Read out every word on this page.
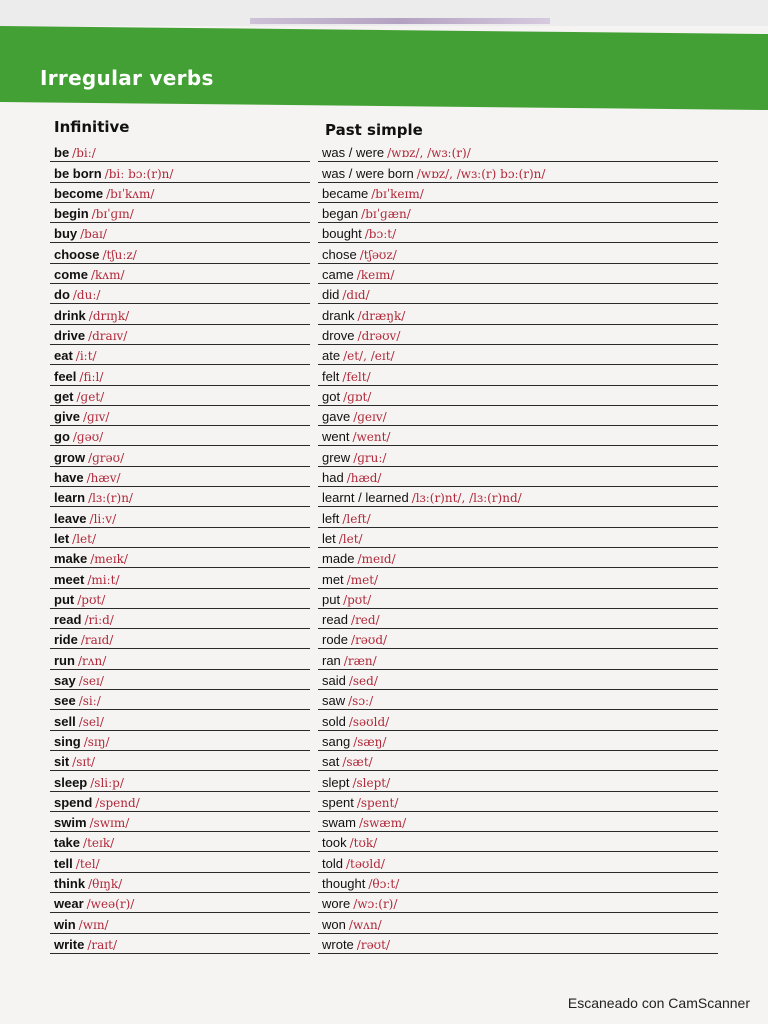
Irregular verbs
Infinitive	Past simple
be /biː/	was / were /wɒz/, /wɜː(r)/
be born /biː bɔː(r)n/	was / were born /wɒz/, /wɜː(r) bɔː(r)n/
become /bɪˈkʌm/	became /bɪˈkeɪm/
begin /bɪˈɡɪn/	began /bɪˈɡæn/
buy /baɪ/	bought /bɔːt/
choose /tʃuːz/	chose /tʃəʊz/
come /kʌm/	came /keɪm/
do /duː/	did /dɪd/
drink /drɪŋk/	drank /dræŋk/
drive /draɪv/	drove /drəʊv/
eat /iːt/	ate /et/, /eɪt/
feel /fiːl/	felt /felt/
get /ɡet/	got /ɡɒt/
give /ɡɪv/	gave /ɡeɪv/
go /ɡəʊ/	went /went/
grow /ɡrəʊ/	grew /ɡruː/
have /hæv/	had /hæd/
learn /lɜː(r)n/	learnt / learned /lɜː(r)nt/, /lɜː(r)nd/
leave /liːv/	left /left/
let /let/	let /let/
make /meɪk/	made /meɪd/
meet /miːt/	met /met/
put /pʊt/	put /pʊt/
read /riːd/	read /red/
ride /raɪd/	rode /rəʊd/
run /rʌn/	ran /ræn/
say /seɪ/	said /sed/
see /siː/	saw /sɔː/
sell /sel/	sold /səʊld/
sing /sɪŋ/	sang /sæŋ/
sit /sɪt/	sat /sæt/
sleep /sliːp/	slept /slept/
spend /spend/	spent /spent/
swim /swɪm/	swam /swæm/
take /teɪk/	took /tʊk/
tell /tel/	told /təʊld/
think /θɪŋk/	thought /θɔːt/
wear /weə(r)/	wore /wɔː(r)/
win /wɪn/	won /wʌn/
write /raɪt/	wrote /rəʊt/
Escaneado con CamScanner
